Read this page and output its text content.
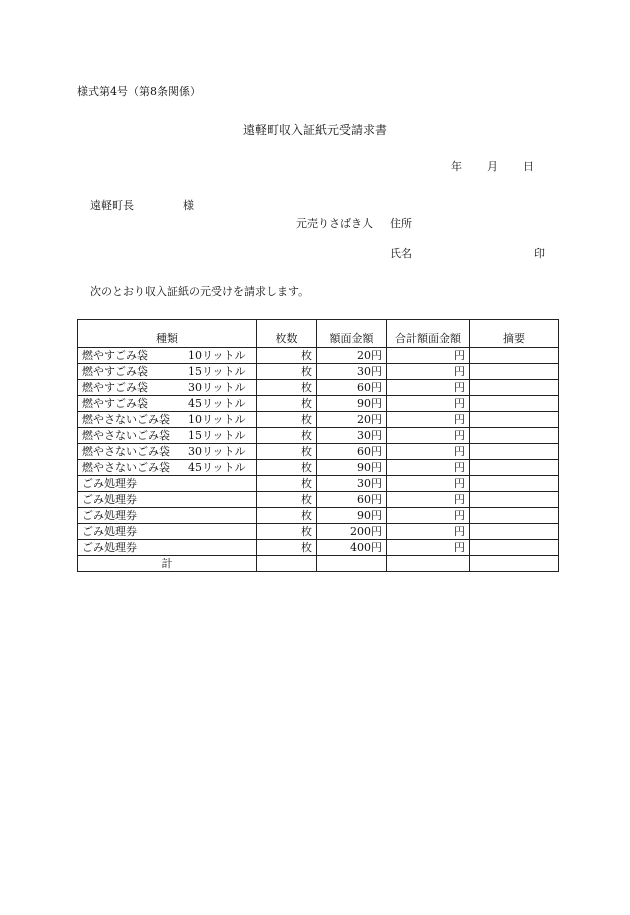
様式第4号（第8条関係）
遠軽町収入証紙元受請求書
年 月 日
遠軽町長	様
元売りさばき人 住所
氏名	印
次のとおり収入証紙の元受けを請求します。
種類	枚数	額面金額	合計額面金額	摘要
燃やすごみ袋 10リットル	枚	20円	円	
燃やすごみ袋 15リットル	枚	30円	円	
燃やすごみ袋 30リットル	枚	60円	円	
燃やすごみ袋 45リットル	枚	90円	円	
燃やさないごみ袋 10リットル	枚	20円	円	
燃やさないごみ袋 15リットル	枚	30円	円	
燃やさないごみ袋 30リットル	枚	60円	円	
燃やさないごみ袋 45リットル	枚	90円	円	
ごみ処理券	枚	30円	円	
ごみ処理券	枚	60円	円	
ごみ処理券	枚	90円	円	
ごみ処理券	枚	200円	円	
ごみ処理券	枚	400円	円	
計				
